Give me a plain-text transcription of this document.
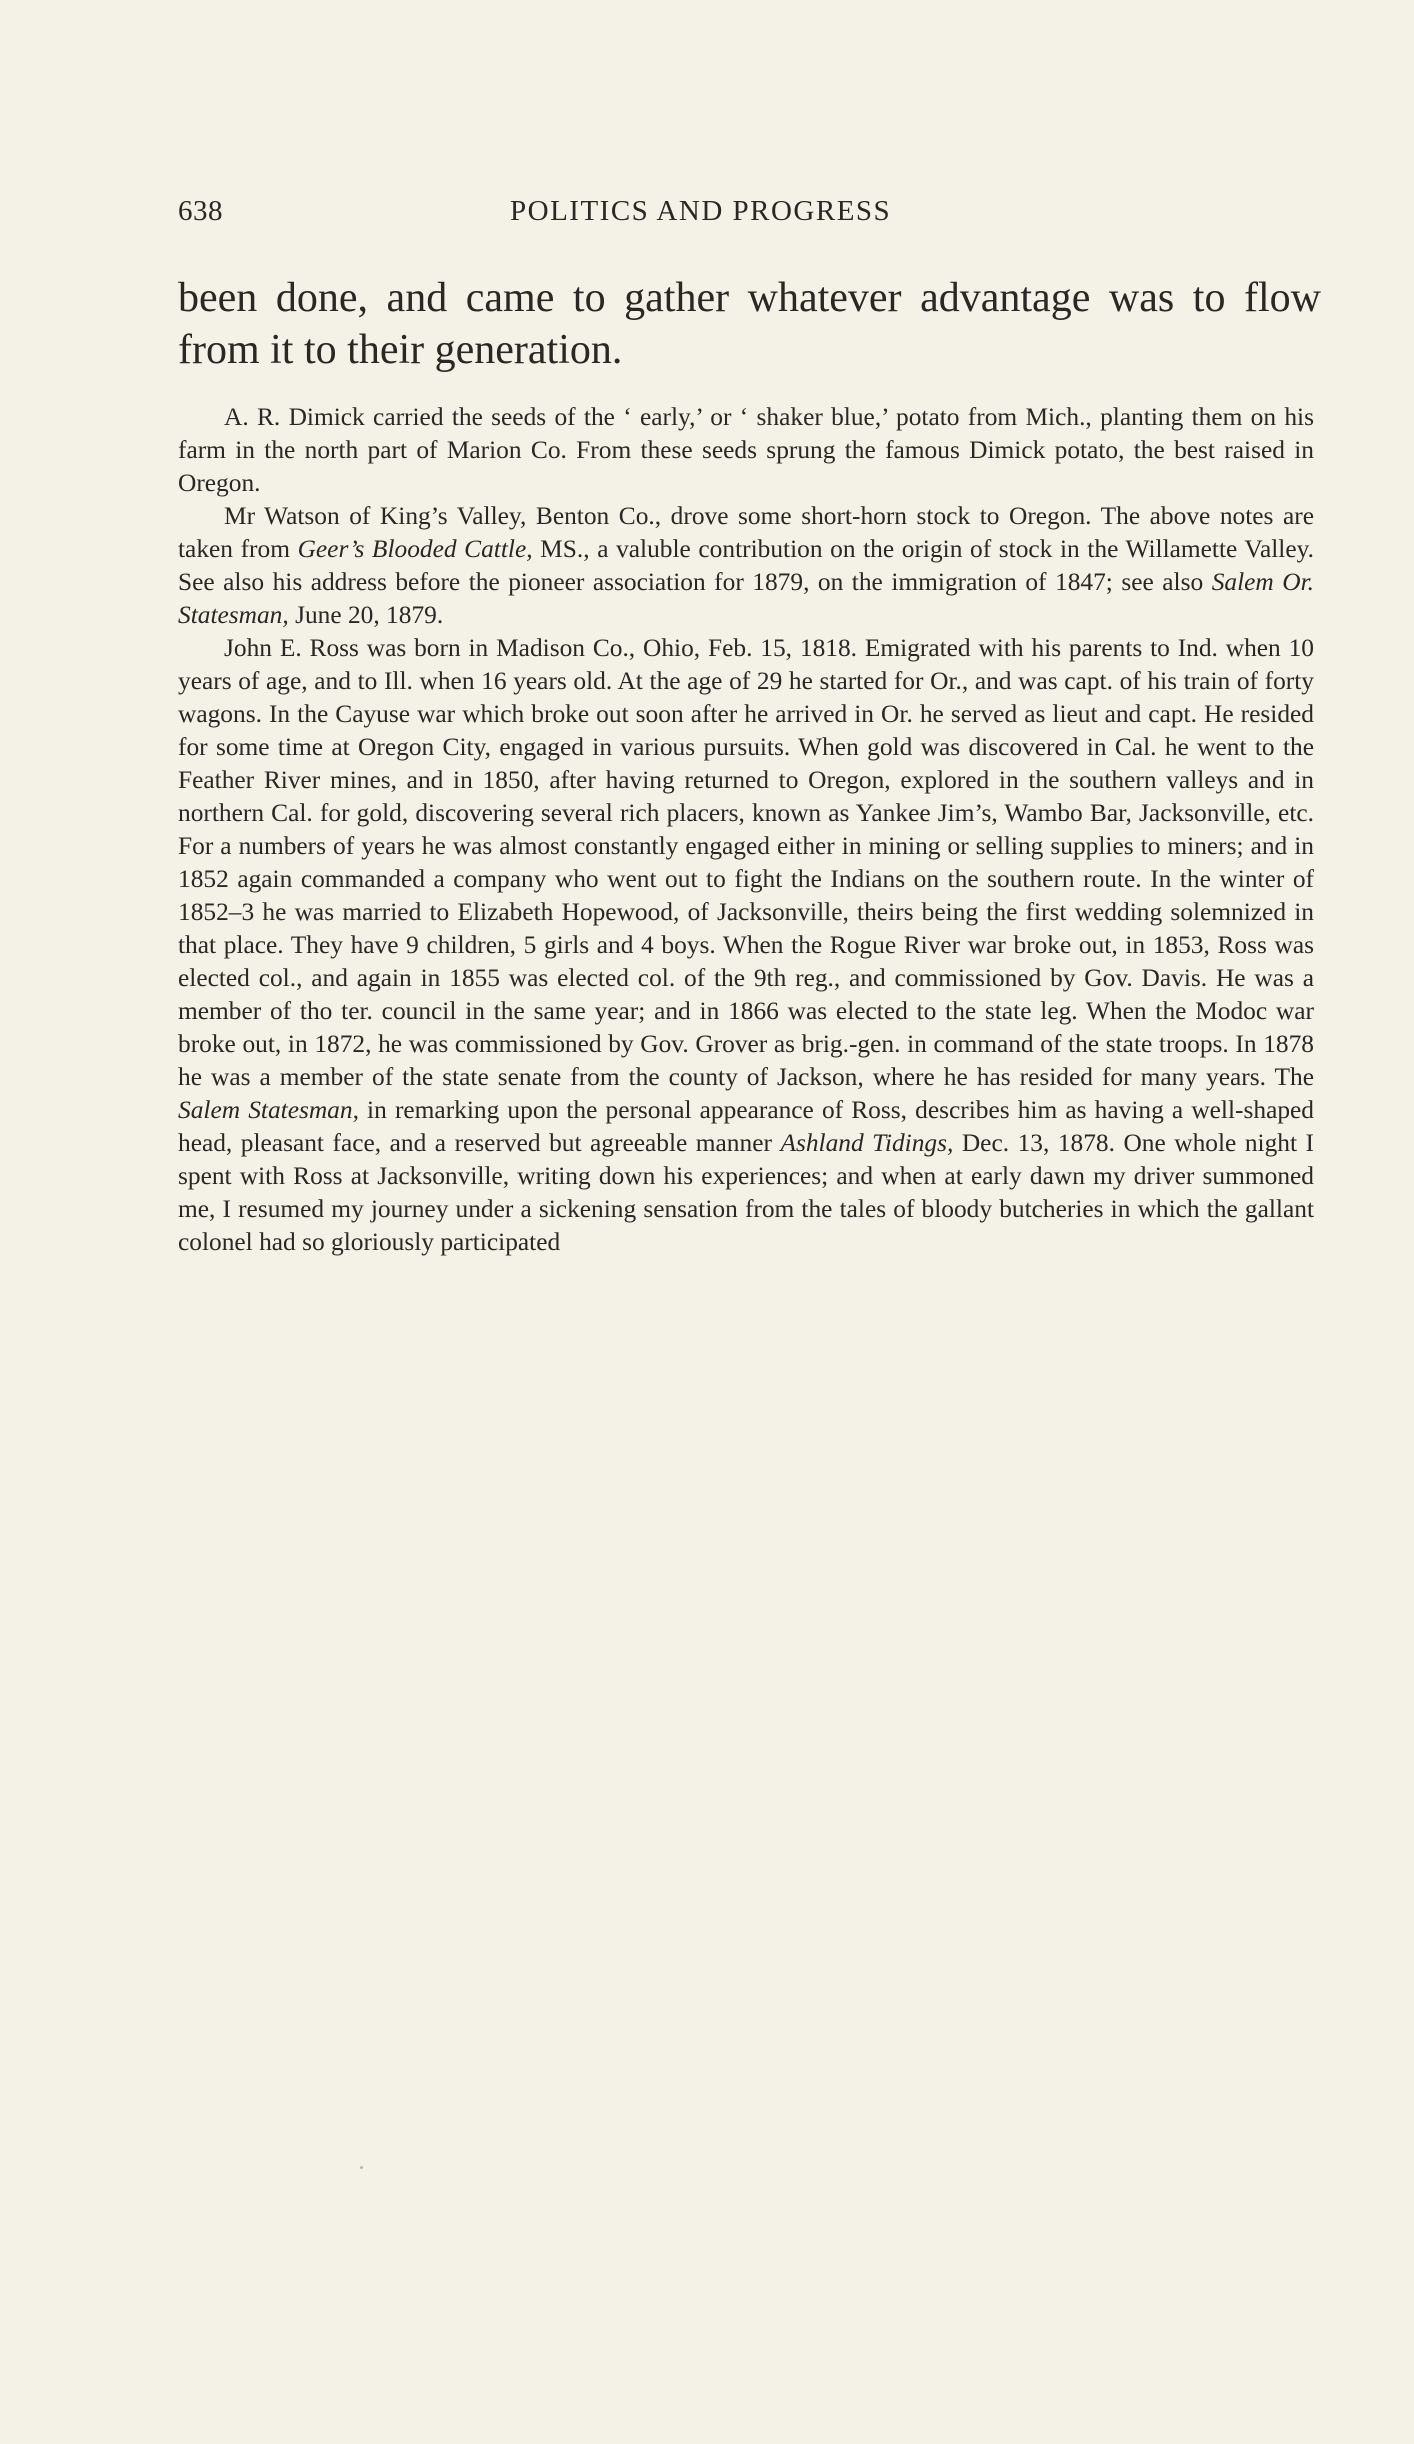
638	POLITICS AND PROGRESS
been done, and came to gather whatever advantage was to flow from it to their generation.

A. R. Dimick carried the seeds of the ‘ early,’ or ‘ shaker blue,’ potato from Mich., planting them on his farm in the north part of Marion Co. From these seeds sprung the famous Dimick potato, the best raised in Oregon.

Mr Watson of King’s Valley, Benton Co., drove some short-horn stock to Oregon. The above notes are taken from Geer’s Blooded Cattle, MS., a valuble contribution on the origin of stock in the Willamette Valley. See also his address before the pioneer association for 1879, on the immigration of 1847; see also Salem Or. Statesman, June 20, 1879.

John E. Ross was born in Madison Co., Ohio, Feb. 15, 1818. Emigrated with his parents to Ind. when 10 years of age, and to Ill. when 16 years old. At the age of 29 he started for Or., and was capt. of his train of forty wagons. In the Cayuse war which broke out soon after he arrived in Or. he served as lieut and capt. He resided for some time at Oregon City, engaged in various pursuits. When gold was discovered in Cal. he went to the Feather River mines, and in 1850, after having returned to Oregon, explored in the southern valleys and in northern Cal. for gold, discovering several rich placers, known as Yankee Jim’s, Wambo Bar, Jacksonville, etc. For a numbers of years he was almost constantly engaged either in mining or selling supplies to miners; and in 1852 again commanded a company who went out to fight the Indians on the southern route. In the winter of 1852–3 he was married to Elizabeth Hopewood, of Jacksonville, theirs being the first wedding solemnized in that place. They have 9 children, 5 girls and 4 boys. When the Rogue River war broke out, in 1853, Ross was elected col., and again in 1855 was elected col. of the 9th reg., and commissioned by Gov. Davis. He was a member of tho ter. council in the same year; and in 1866 was elected to the state leg. When the Modoc war broke out, in 1872, he was commissioned by Gov. Grover as brig.-gen. in command of the state troops. In 1878 he was a member of the state senate from the county of Jackson, where he has resided for many years. The Salem Statesman, in remarking upon the personal appearance of Ross, describes him as having a well-shaped head, pleasant face, and a reserved but agreeable manner Ashland Tidings, Dec. 13, 1878. One whole night I spent with Ross at Jacksonville, writing down his experiences; and when at early dawn my driver summoned me, I resumed my journey under a sickening sensation from the tales of bloody butcheries in which the gallant colonel had so gloriously participated
